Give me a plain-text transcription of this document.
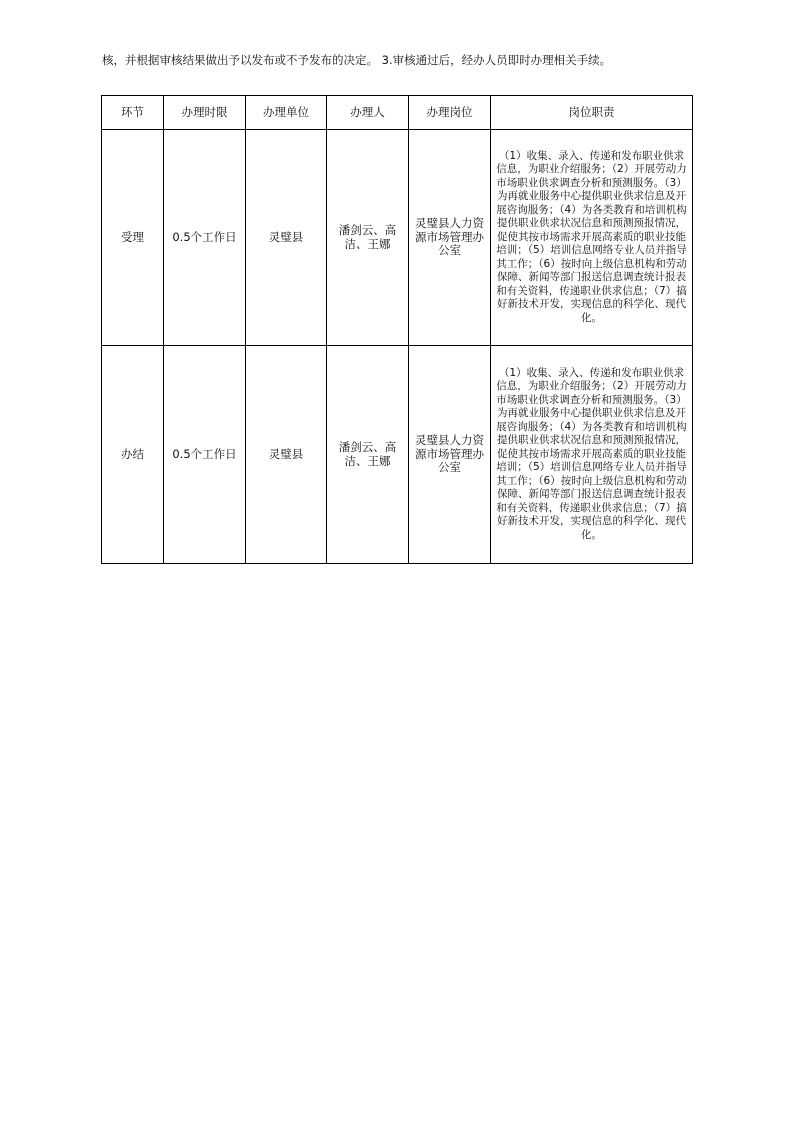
核，并根据审核结果做出予以发布或不予发布的决定。 3.审核通过后，经办人员即时办理相关手续。
环节	办理时限	办理单位	办理人	办理岗位	岗位职责
受理	0.5个工作日	灵璧县	潘剑云、高洁、王娜	灵璧县人力资源市场管理办公室	（1）收集、录入、传递和发布职业供求信息，为职业介绍服务；（2）开展劳动力市场职业供求调查分析和预测服务。（3）为再就业服务中心提供职业供求信息及开展咨询服务；（4）为各类教育和培训机构提供职业供求状况信息和预测预报情况，促使其按市场需求开展高素质的职业技能培训；（5）培训信息网络专业人员并指导其工作；（6）按时向上级信息机构和劳动保障、新闻等部门报送信息调查统计报表和有关资料，传递职业供求信息；（7）搞好新技术开发，实现信息的科学化、现代化。
办结	0.5个工作日	灵璧县	潘剑云、高洁、王娜	灵璧县人力资源市场管理办公室	（1）收集、录入、传递和发布职业供求信息，为职业介绍服务；（2）开展劳动力市场职业供求调查分析和预测服务。（3）为再就业服务中心提供职业供求信息及开展咨询服务；（4）为各类教育和培训机构提供职业供求状况信息和预测预报情况，促使其按市场需求开展高素质的职业技能培训；（5）培训信息网络专业人员并指导其工作；（6）按时向上级信息机构和劳动保障、新闻等部门报送信息调查统计报表和有关资料，传递职业供求信息；（7）搞好新技术开发，实现信息的科学化、现代化。
